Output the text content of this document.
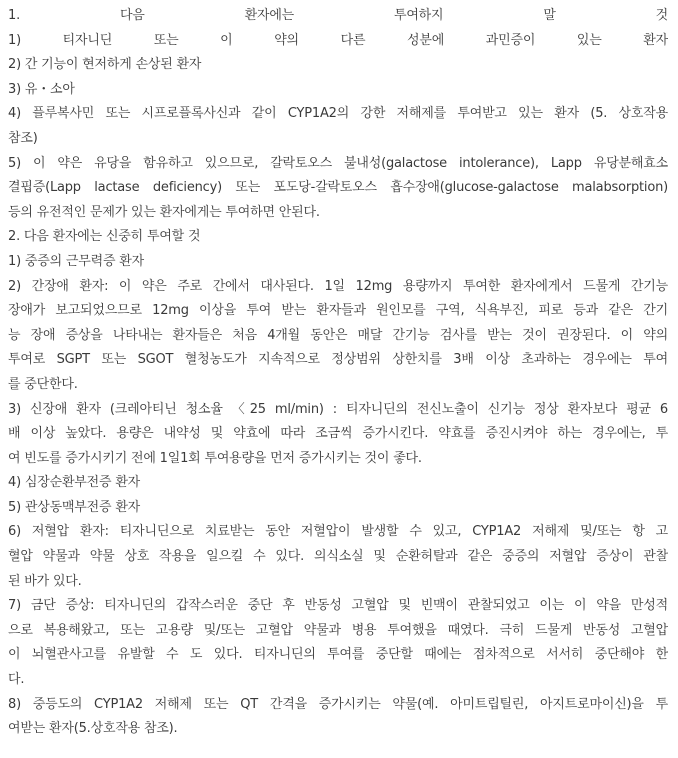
1. 다음 환자에는 투여하지 말 것
1) 티자니딘 또는 이 약의 다른 성분에 과민증이 있는 환자
2) 간 기능이 현저하게 손상된 환자
3) 유・소아
4) 플루복사민 또는 시프로플록사신과 같이 CYP1A2의 강한 저해제를 투여받고 있는 환자 (5. 상호작용
참조)
5) 이 약은 유당을 함유하고 있으므로, 갈락토오스 불내성(galactose intolerance), Lapp 유당분해효소
결핍증(Lapp lactase deficiency) 또는 포도당-갈락토오스 흡수장애(glucose-galactose malabsorption)
등의 유전적인 문제가 있는 환자에게는 투여하면 안된다.
2. 다음 환자에는 신중히 투여할 것
1) 중증의 근무력증 환자
2) 간장애 환자: 이 약은 주로 간에서 대사된다. 1일 12mg 용량까지 투여한 환자에게서 드물게 간기능
장애가 보고되었으므로 12mg 이상을 투여 받는 환자들과 원인모를 구역, 식욕부진, 피로 등과 같은 간기
능 장애 증상을 나타내는 환자들은 처음 4개월 동안은 매달 간기능 검사를 받는 것이 권장된다. 이 약의
투여로 SGPT 또는 SGOT 혈청농도가 지속적으로 정상범위 상한치를 3배 이상 초과하는 경우에는 투여
를 중단한다.
3) 신장애 환자 (크레아티닌 청소율 〈25 ml/min) : 티자니딘의 전신노출이 신기능 정상 환자보다 평균 6
배 이상 높았다. 용량은 내약성 및 약효에 따라 조금씩 증가시킨다. 약효를 증진시켜야 하는 경우에는, 투
여 빈도를 증가시키기 전에 1일1회 투여용량을 먼저 증가시키는 것이 좋다.
4) 심장순환부전증 환자
5) 관상동맥부전증 환자
6) 저혈압 환자: 티자니딘으로 치료받는 동안 저혈압이 발생할 수 있고, CYP1A2 저해제 및/또는 항 고
혈압 약물과 약물 상호 작용을 일으킬 수 있다. 의식소실 및 순환허탈과 같은 중증의 저혈압 증상이 관찰
된 바가 있다.
7) 금단 증상: 티자니딘의 갑작스러운 중단 후 반동성 고혈압 및 빈맥이 관찰되었고 이는 이 약을 만성적
으로 복용해왔고, 또는 고용량 및/또는 고혈압 약물과 병용 투여했을 때였다. 극히 드물게 반동성 고혈압
이 뇌혈관사고를 유발할 수 도 있다. 티자니딘의 투여를 중단할 때에는 점차적으로 서서히 중단해야 한
다.
8) 중등도의 CYP1A2 저해제 또는 QT 간격을 증가시키는 약물(예. 아미트립틸린, 아지트로마이신)을 투
여받는 환자(5.상호작용 참조).
